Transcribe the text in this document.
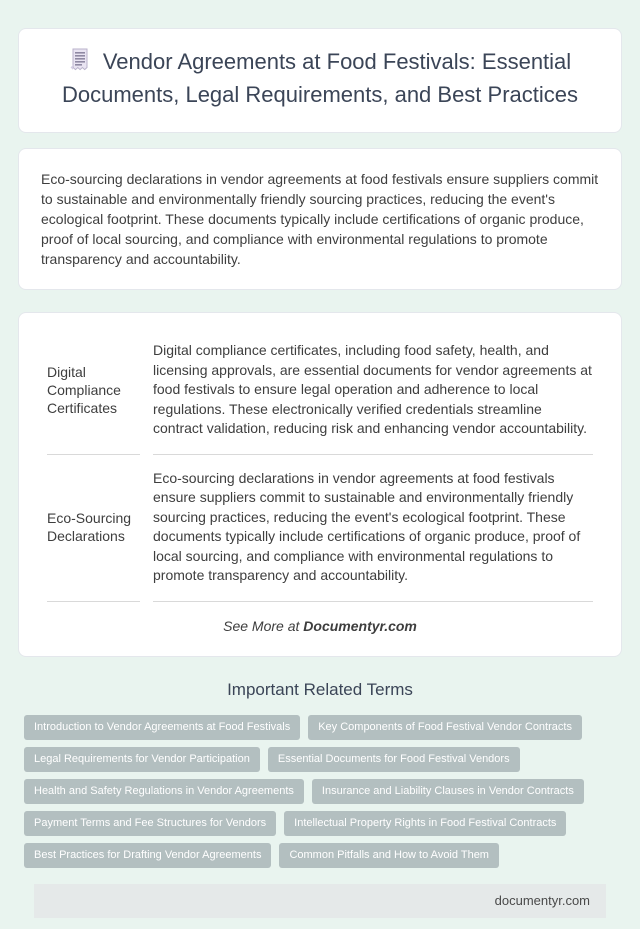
Vendor Agreements at Food Festivals: Essential Documents, Legal Requirements, and Best Practices

Eco-sourcing declarations in vendor agreements at food festivals ensure suppliers commit to sustainable and environmentally friendly sourcing practices, reducing the event's ecological footprint. These documents typically include certifications of organic produce, proof of local sourcing, and compliance with environmental regulations to promote transparency and accountability.

Digital Compliance Certificates	Digital compliance certificates, including food safety, health, and licensing approvals, are essential documents for vendor agreements at food festivals to ensure legal operation and adherence to local regulations. These electronically verified credentials streamline contract validation, reducing risk and enhancing vendor accountability.
Eco-Sourcing Declarations	Eco-sourcing declarations in vendor agreements at food festivals ensure suppliers commit to sustainable and environmentally friendly sourcing practices, reducing the event's ecological footprint. These documents typically include certifications of organic produce, proof of local sourcing, and compliance with environmental regulations to promote transparency and accountability.
See More at Documentyr.com
Important Related Terms
Introduction to Vendor Agreements at Food Festivals	Key Components of Food Festival Vendor Contracts
Legal Requirements for Vendor Participation	Essential Documents for Food Festival Vendors
Health and Safety Regulations in Vendor Agreements	Insurance and Liability Clauses in Vendor Contracts
Payment Terms and Fee Structures for Vendors	Intellectual Property Rights in Food Festival Contracts
Best Practices for Drafting Vendor Agreements	Common Pitfalls and How to Avoid Them
documentyr.com
